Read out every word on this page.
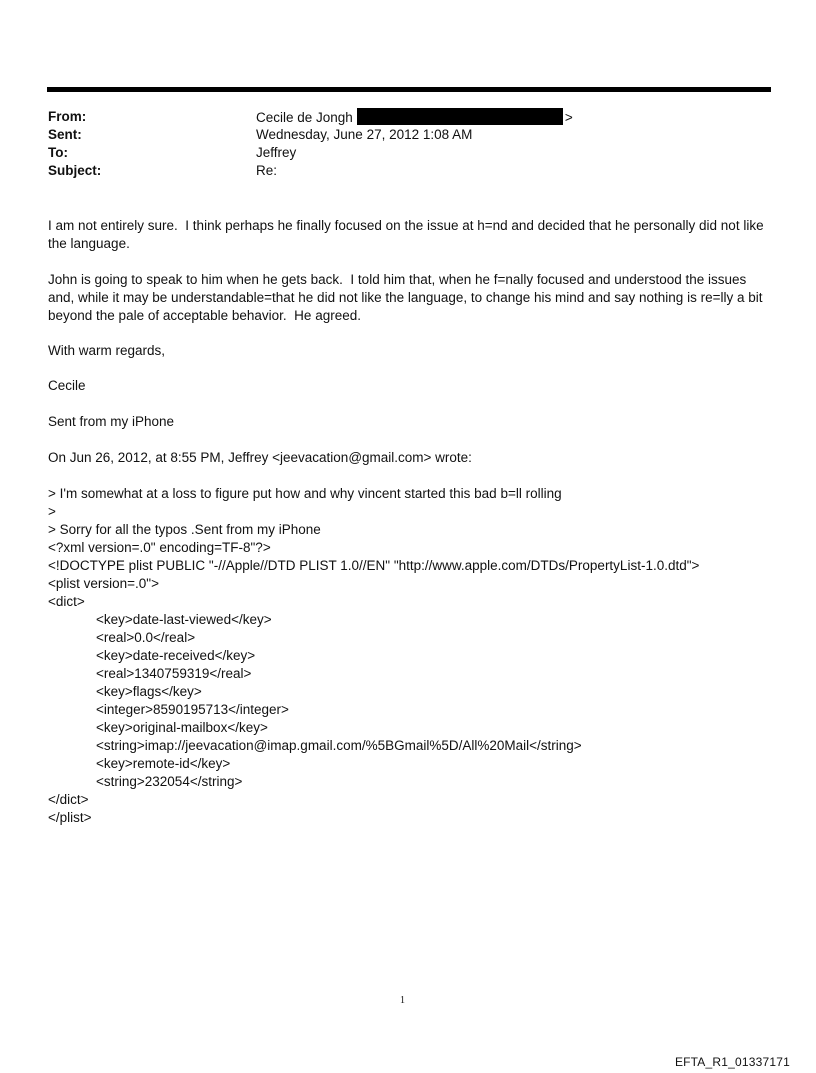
From:	Cecile de Jongh	>
Sent:	Wednesday, June 27, 2012 1:08 AM
To:	Jeffrey
Subject:	Re:
I am not entirely sure.  I think perhaps he finally focused on the issue at h=nd and decided that he personally did not like the language.
John is going to speak to him when he gets back.  I told him that, when he f=nally focused and understood the issues and, while it may be understandable=that he did not like the language, to change his mind and say nothing is re=lly a bit beyond the pale of acceptable behavior.  He agreed.
With warm regards,
Cecile
Sent from my iPhone
On Jun 26, 2012, at 8:55 PM, Jeffrey <jeevacation@gmail.com> wrote:
> I'm somewhat at a loss to figure put how and why vincent started this bad b=ll rolling
>
> Sorry for all the typos .Sent from my iPhone
<?xml version=.0" encoding=TF-8"?>
<!DOCTYPE plist PUBLIC "-//Apple//DTD PLIST 1.0//EN" "http://www.apple.com/DTDs/PropertyList-1.0.dtd">
<plist version=.0">
<dict>
<key>date-last-viewed</key>
<real>0.0</real>
<key>date-received</key>
<real>1340759319</real>
<key>flags</key>
<integer>8590195713</integer>
<key>original-mailbox</key>
<string>imap://jeevacation@imap.gmail.com/%5BGmail%5D/All%20Mail</string>
<key>remote-id</key>
<string>232054</string>
</dict>
</plist>
1
EFTA_R1_01337171
